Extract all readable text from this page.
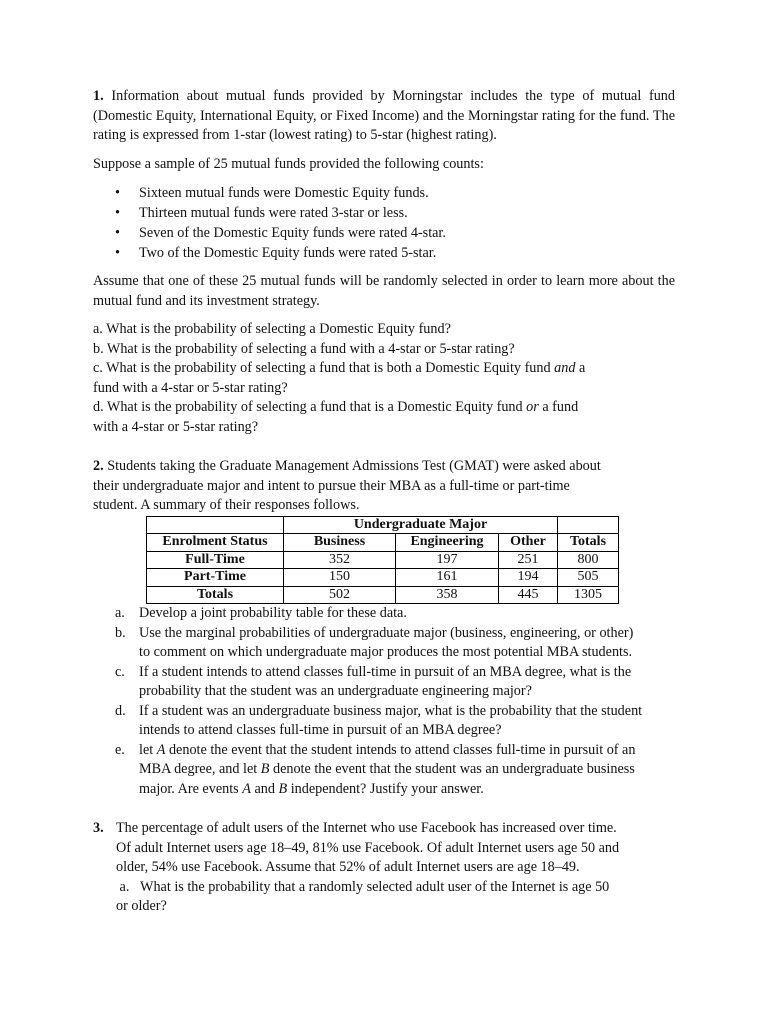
1. Information about mutual funds provided by Morningstar includes the type of mutual fund (Domestic Equity, International Equity, or Fixed Income) and the Morningstar rating for the fund. The rating is expressed from 1-star (lowest rating) to 5-star (highest rating).

Suppose a sample of 25 mutual funds provided the following counts:

• Sixteen mutual funds were Domestic Equity funds.
• Thirteen mutual funds were rated 3-star or less.
• Seven of the Domestic Equity funds were rated 4-star.
• Two of the Domestic Equity funds were rated 5-star.

Assume that one of these 25 mutual funds will be randomly selected in order to learn more about the mutual fund and its investment strategy.

a. What is the probability of selecting a Domestic Equity fund?

b. What is the probability of selecting a fund with a 4-star or 5-star rating?

c. What is the probability of selecting a fund that is both a Domestic Equity fund and a
fund with a 4-star or 5-star rating?

d. What is the probability of selecting a fund that is a Domestic Equity fund or a fund
with a 4-star or 5-star rating?

2. Students taking the Graduate Management Admissions Test (GMAT) were asked about
their undergraduate major and intent to pursue their MBA as a full-time or part-time
student. A summary of their responses follows.

	Undergraduate Major			
Enrolment Status	Business	Engineering	Other	Totals
Full-Time	352	197	251	800
Part-Time	150	161	194	505
Totals	502	358	445	1305
a. Develop a joint probability table for these data.
b. Use the marginal probabilities of undergraduate major (business, engineering, or other)
to comment on which undergraduate major produces the most potential MBA students.
c. If a student intends to attend classes full-time in pursuit of an MBA degree, what is the
probability that the student was an undergraduate engineering major?
d. If a student was an undergraduate business major, what is the probability that the student
intends to attend classes full-time in pursuit of an MBA degree?
e. let A denote the event that the student intends to attend classes full-time in pursuit of an
MBA degree, and let B denote the event that the student was an undergraduate business
major. Are events A and B independent? Justify your answer.
3. The percentage of adult users of the Internet who use Facebook has increased over time.
Of adult Internet users age 18–49, 81% use Facebook. Of adult Internet users age 50 and
older, 54% use Facebook. Assume that 52% of adult Internet users are age 18–49.

a. What is the probability that a randomly selected adult user of the Internet is age 50
or older?
